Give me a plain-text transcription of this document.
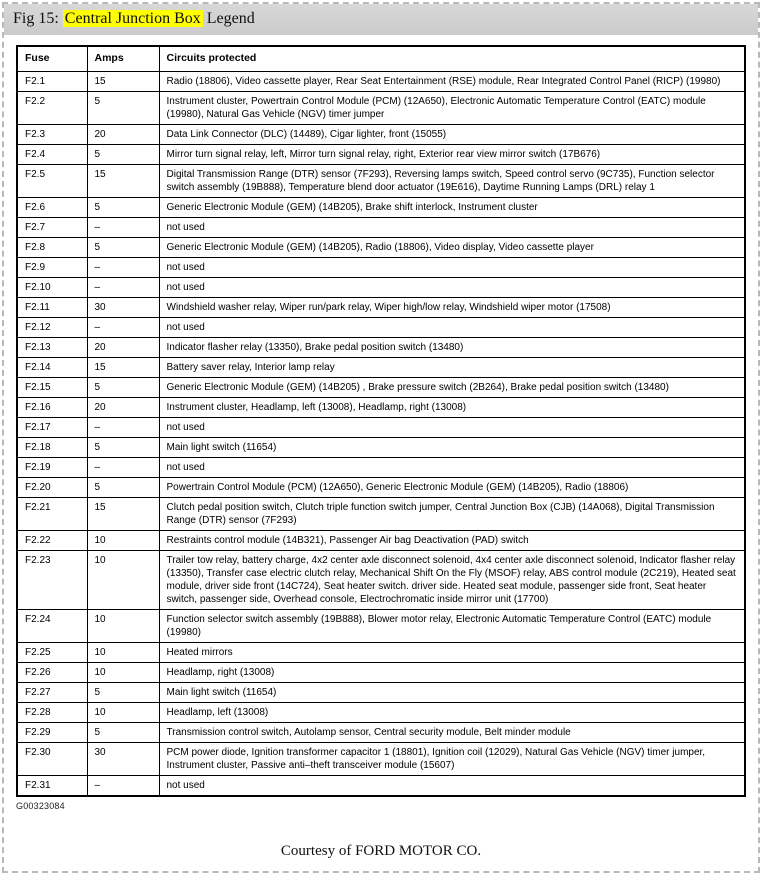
Fig 15: Central Junction Box Legend
Fuse	Amps	Circuits protected
F2.1	15	Radio (18806), Video cassette player, Rear Seat Entertainment (RSE) module, Rear Integrated Control Panel (RICP) (19980)
F2.2	5	Instrument cluster, Powertrain Control Module (PCM) (12A650), Electronic Automatic Temperature Control (EATC) module (19980), Natural Gas Vehicle (NGV) timer jumper
F2.3	20	Data Link Connector (DLC) (14489), Cigar lighter, front (15055)
F2.4	5	Mirror turn signal relay, left, Mirror turn signal relay, right, Exterior rear view mirror switch (17B676)
F2.5	15	Digital Transmission Range (DTR) sensor (7F293), Reversing lamps switch, Speed control servo (9C735), Function selector switch assembly (19B888), Temperature blend door actuator (19E616), Daytime Running Lamps (DRL) relay 1
F2.6	5	Generic Electronic Module (GEM) (14B205), Brake shift interlock, Instrument cluster
F2.7	–	not used
F2.8	5	Generic Electronic Module (GEM) (14B205), Radio (18806), Video display, Video cassette player
F2.9	–	not used
F2.10	–	not used
F2.11	30	Windshield washer relay, Wiper run/park relay, Wiper high/low relay, Windshield wiper motor (17508)
F2.12	–	not used
F2.13	20	Indicator flasher relay (13350), Brake pedal position switch (13480)
F2.14	15	Battery saver relay, Interior lamp relay
F2.15	5	Generic Electronic Module (GEM) (14B205) , Brake pressure switch (2B264), Brake pedal position switch (13480)
F2.16	20	Instrument cluster, Headlamp, left (13008), Headlamp, right (13008)
F2.17	–	not used
F2.18	5	Main light switch (11654)
F2.19	–	not used
F2.20	5	Powertrain Control Module (PCM) (12A650), Generic Electronic Module (GEM) (14B205), Radio (18806)
F2.21	15	Clutch pedal position switch, Clutch triple function switch jumper, Central Junction Box (CJB) (14A068), Digital Transmission Range (DTR) sensor (7F293)
F2.22	10	Restraints control module (14B321), Passenger Air bag Deactivation (PAD) switch
F2.23	10	Trailer tow relay, battery charge, 4x2 center axle disconnect solenoid, 4x4 center axle disconnect solenoid, Indicator flasher relay (13350), Transfer case electric clutch relay, Mechanical Shift On the Fly (MSOF) relay, ABS control module (2C219), Heated seat module, driver side front (14C724), Seat heater switch. driver side. Heated seat module, passenger side front, Seat heater switch, passenger side, Overhead console, Electrochromatic inside mirror unit (17700)
F2.24	10	Function selector switch assembly (19B888), Blower motor relay, Electronic Automatic Temperature Control (EATC) module (19980)
F2.25	10	Heated mirrors
F2.26	10	Headlamp, right (13008)
F2.27	5	Main light switch (11654)
F2.28	10	Headlamp, left (13008)
F2.29	5	Transmission control switch, Autolamp sensor, Central security module, Belt minder module
F2.30	30	PCM power diode, Ignition transformer capacitor 1 (18801), Ignition coil (12029), Natural Gas Vehicle (NGV) timer jumper, Instrument cluster, Passive anti–theft transceiver module (15607)
F2.31	–	not used
G00323084
Courtesy of FORD MOTOR CO.
